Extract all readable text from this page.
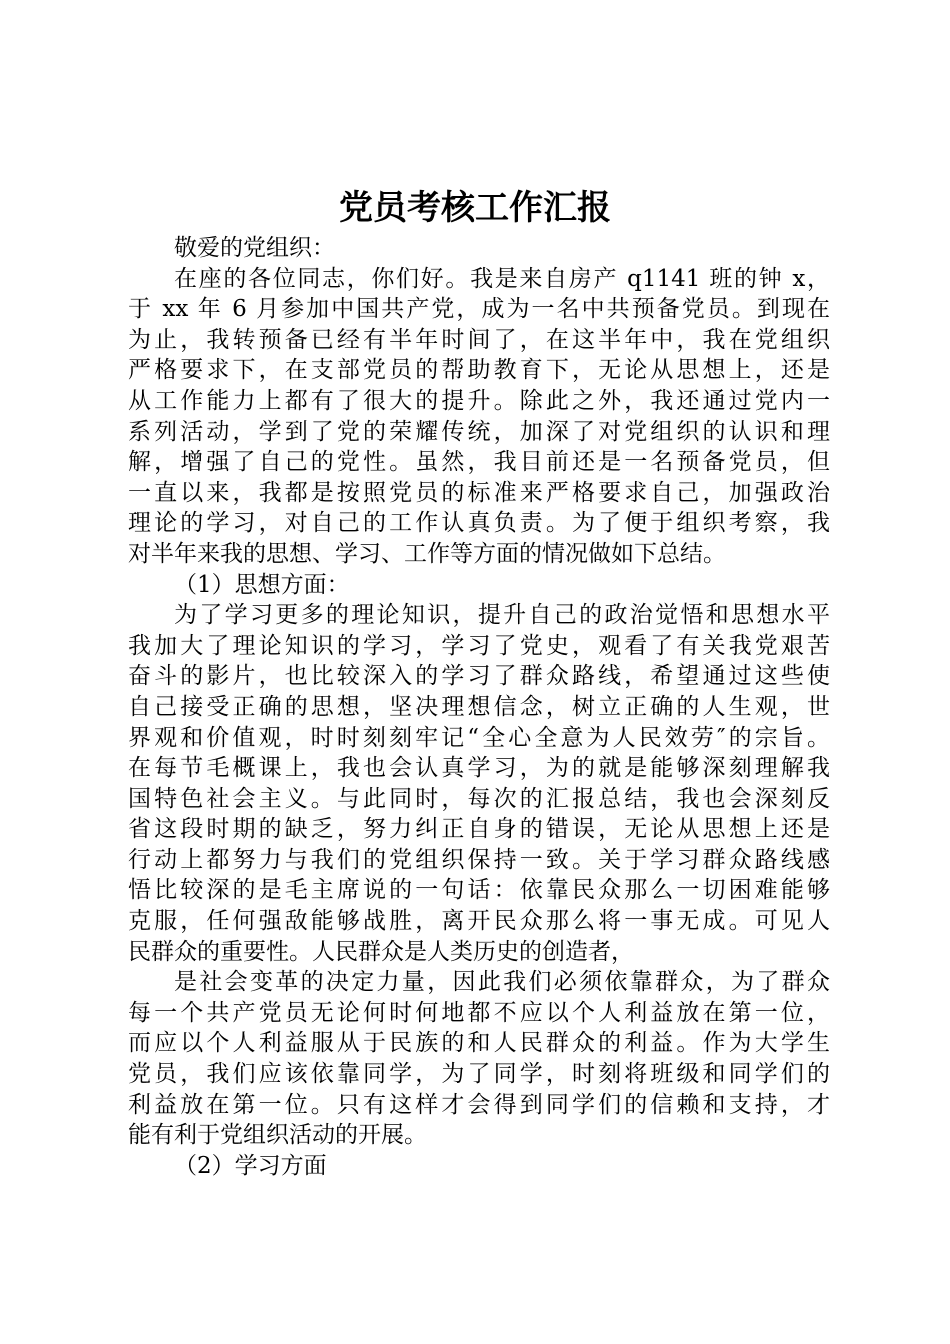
党员考核工作汇报
敬爱的党组织：
在座的各位同志，你们好。我是来自房产 q1141 班的钟 x，
于 xx 年 6 月参加中国共产党，成为一名中共预备党员。到现在
为止，我转预备已经有半年时间了，在这半年中，我在党组织
严格要求下，在支部党员的帮助教育下，无论从思想上，还是
从工作能力上都有了很大的提升。除此之外，我还通过党内一
系列活动，学到了党的荣耀传统，加深了对党组织的认识和理
解，增强了自己的党性。虽然，我目前还是一名预备党员，但
一直以来，我都是按照党员的标准来严格要求自己，加强政治
理论的学习，对自己的工作认真负责。为了便于组织考察，我
对半年来我的思想、学习、工作等方面的情况做如下总结。
（1）思想方面：
为了学习更多的理论知识，提升自己的政治觉悟和思想水平
我加大了理论知识的学习，学习了党史，观看了有关我党艰苦
奋斗的影片，也比较深入的学习了群众路线，希望通过这些使
自己接受正确的思想，坚决理想信念，树立正确的人生观，世
界观和价值观，时时刻刻牢记“全心全意为人民效劳″的宗旨。
在每节毛概课上，我也会认真学习，为的就是能够深刻理解我
国特色社会主义。与此同时，每次的汇报总结，我也会深刻反
省这段时期的缺乏，努力纠正自身的错误，无论从思想上还是
行动上都努力与我们的党组织保持一致。关于学习群众路线感
悟比较深的是毛主席说的一句话：依靠民众那么一切困难能够
克服，任何强敌能够战胜，离开民众那么将一事无成。可见人
民群众的重要性。人民群众是人类历史的创造者，
是社会变革的决定力量，因此我们必须依靠群众，为了群众
每一个共产党员无论何时何地都不应以个人利益放在第一位，
而应以个人利益服从于民族的和人民群众的利益。作为大学生
党员，我们应该依靠同学，为了同学，时刻将班级和同学们的
利益放在第一位。只有这样才会得到同学们的信赖和支持，才
能有利于党组织活动的开展。
（2）学习方面
